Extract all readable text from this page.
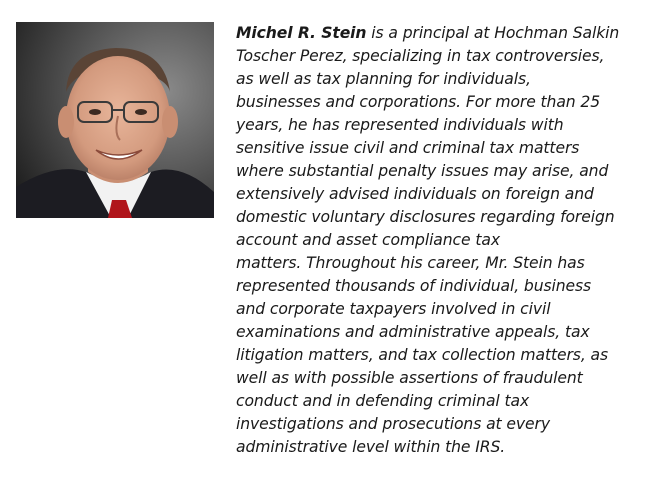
Michel R. Stein is a principal at Hochman Salkin
Toscher Perez, specializing in tax controversies,
as well as tax planning for individuals,
businesses and corporations. For more than 25
years, he has represented individuals with
sensitive issue civil and criminal tax matters
where substantial penalty issues may arise, and
extensively advised individuals on foreign and
domestic voluntary disclosures regarding foreign
account and asset compliance tax
matters. Throughout his career, Mr. Stein has
represented thousands of individual, business
and corporate taxpayers involved in civil
examinations and administrative appeals, tax
litigation matters, and tax collection matters, as
well as with possible assertions of fraudulent
conduct and in defending criminal tax
investigations and prosecutions at every
administrative level within the IRS.
